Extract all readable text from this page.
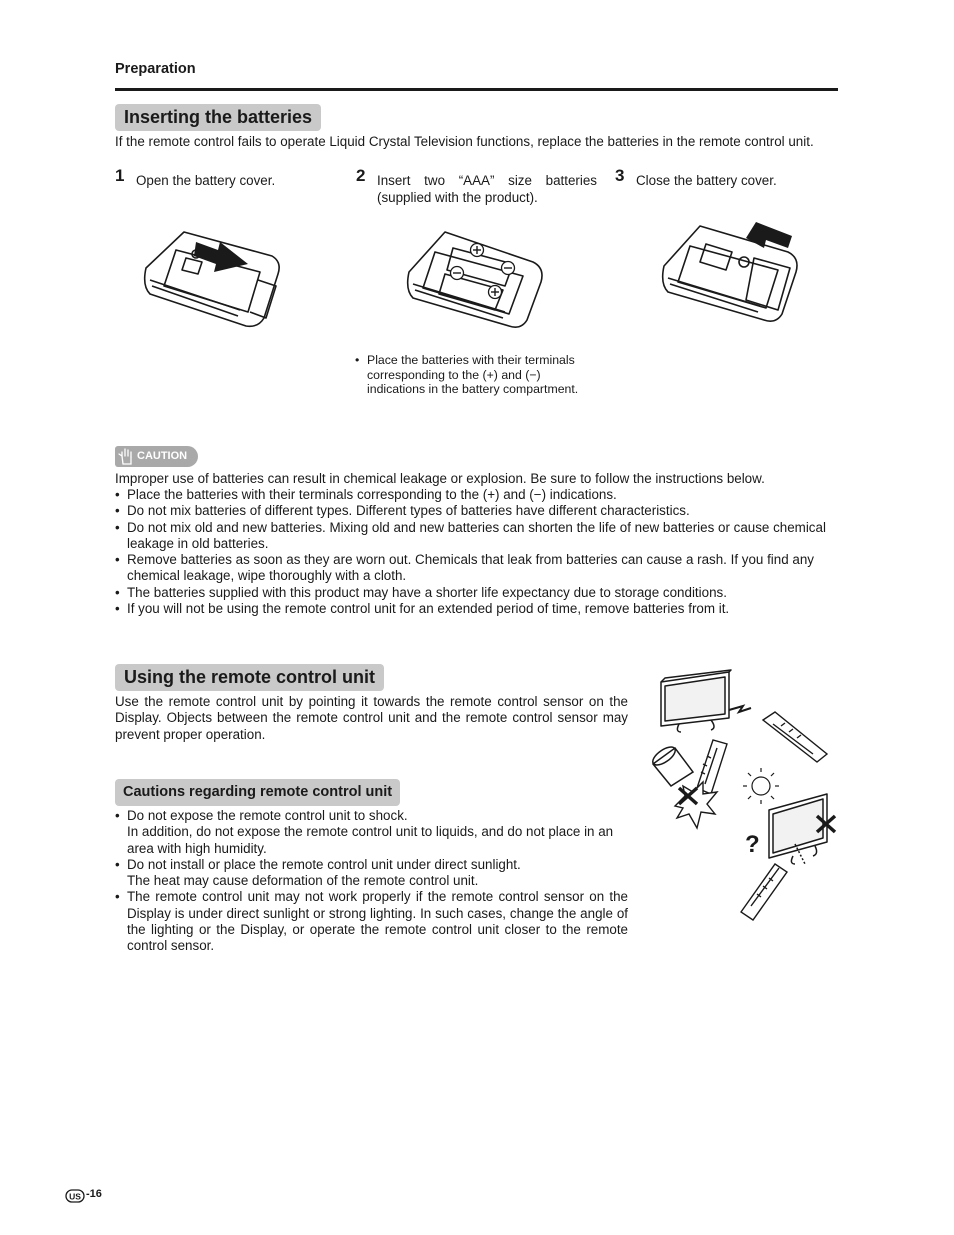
Preparation
Inserting the batteries
If the remote control fails to operate Liquid Crystal Television functions, replace the batteries in the remote control unit.
1 Open the battery cover.	2 Insert two “AAA” size batteries (supplied with the product).
3 Close the battery cover.
• Place the batteries with their terminals corresponding to the (+) and (−) indications in the battery compartment.
CAUTION
Improper use of batteries can result in chemical leakage or explosion. Be sure to follow the instructions below.
• Place the batteries with their terminals corresponding to the (+) and (−) indications.
• Do not mix batteries of different types. Different types of batteries have different characteristics.
• Do not mix old and new batteries. Mixing old and new batteries can shorten the life of new batteries or cause chemical leakage in old batteries.
• Remove batteries as soon as they are worn out. Chemicals that leak from batteries can cause a rash. If you find any chemical leakage, wipe thoroughly with a cloth.
• The batteries supplied with this product may have a shorter life expectancy due to storage conditions.
• If you will not be using the remote control unit for an extended period of time, remove batteries from it.
Using the remote control unit
Use the remote control unit by pointing it towards the remote control sensor on the Display. Objects between the remote control unit and the remote control sensor may prevent proper operation.
Cautions regarding remote control unit
• Do not expose the remote control unit to shock.
In addition, do not expose the remote control unit to liquids, and do not place in an area with high humidity.
• Do not install or place the remote control unit under direct sunlight.
The heat may cause deformation of the remote control unit.
• The remote control unit may not work properly if the remote control sensor on the Display is under direct sunlight or strong lighting. In such cases, change the angle of the lighting or the Display, or operate the remote control unit closer to the remote control sensor.
?
US -16
